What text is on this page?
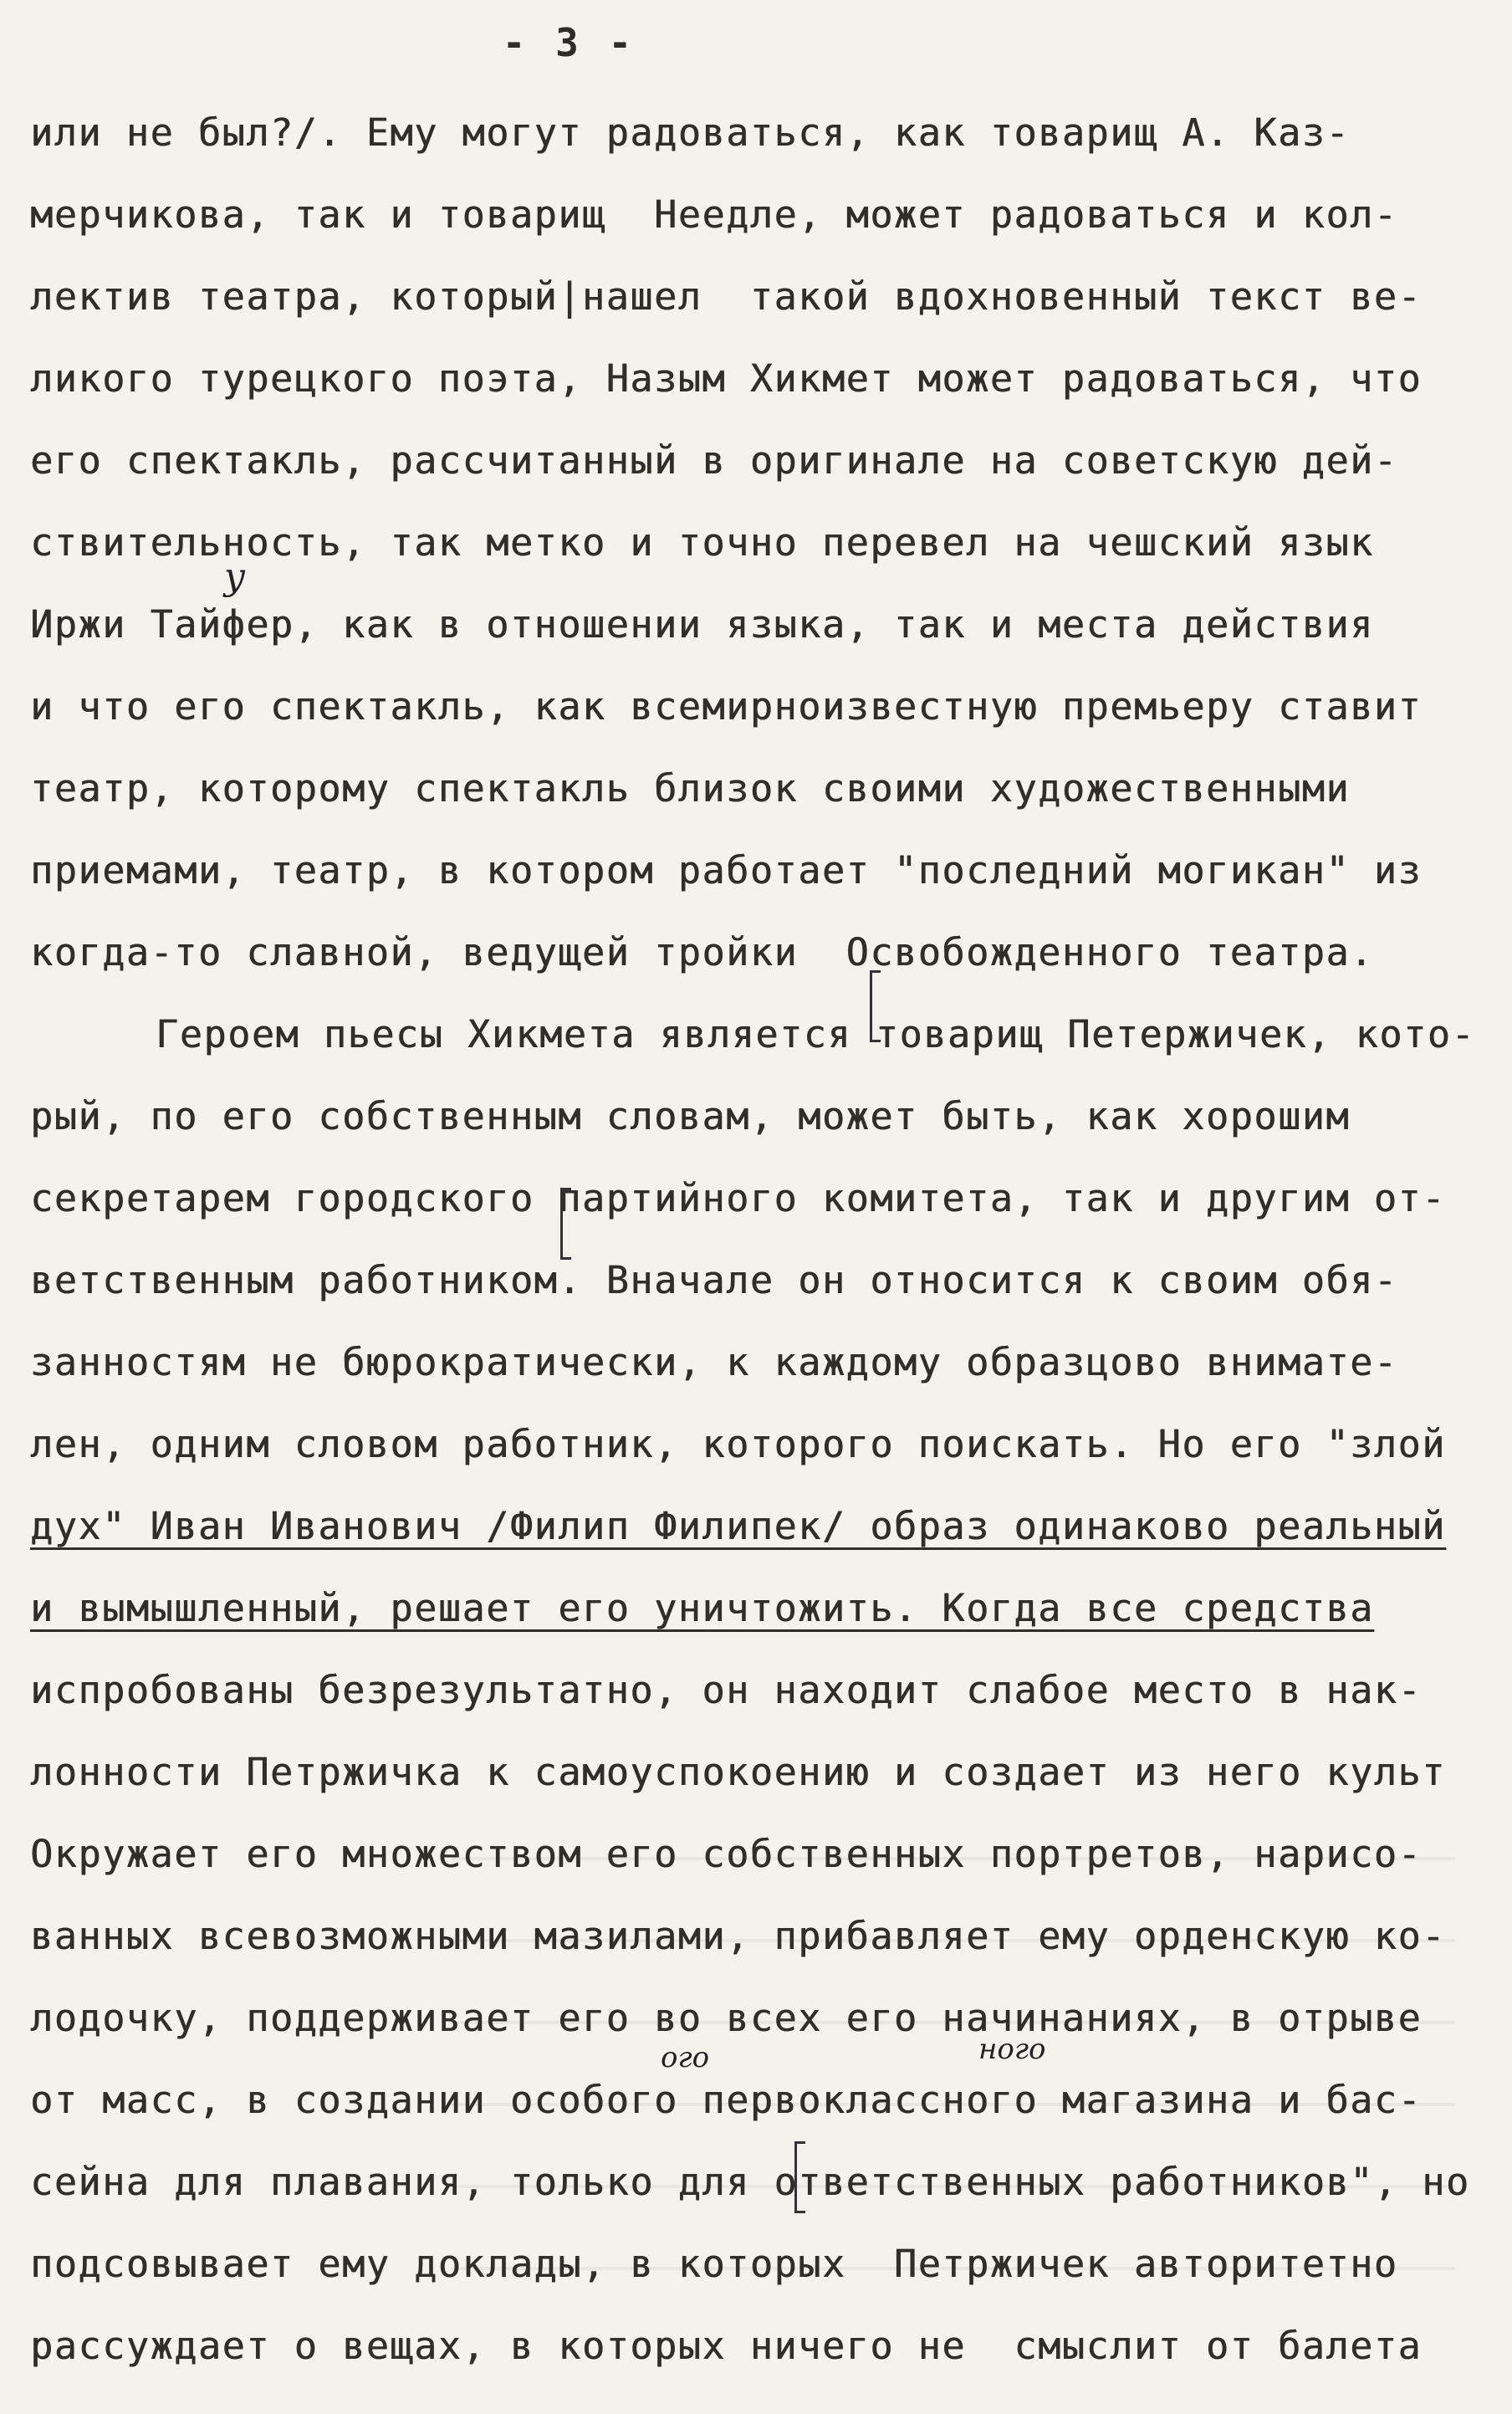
- 3 -
у
ого	ного
или не был?/. Ему могут радоваться, как товарищ А. Каз-
мерчикова, так и товарищ  Неедле, может радоваться и кол-
лектив театра, который|нашел  такой вдохновенный текст ве-
ликого турецкого поэта, Назым Хикмет может радоваться, что
его спектакль, рассчитанный в оригинале на советскую дей-
ствительность, так метко и точно перевел на чешский язык
Иржи Тайфер, как в отношении языка, так и места действия
и что его спектакль, как всемирноизвестную премьеру ставит
театр, которому спектакль близок своими художественными
приемами, театр, в котором работает "последний могикан" из
когда-то славной, ведущей тройки  Освобожденного театра.
Героем пьесы Хикмета является товарищ Петержичек, кото-
рый, по его собственным словам, может быть, как хорошим
секретарем городского партийного комитета, так и другим от-
ветственным работником. Вначале он относится к своим обя-
занностям не бюрократически, к каждому образцово внимате-
лен, одним словом работник, которого поискать. Но его "злой
дух" Иван Иванович /Филип Филипек/ образ одинаково реальный
и вымышленный, решает его уничтожить. Когда все средства
испробованы безрезультатно, он находит слабое место в нак-
лонности Петржичка к самоуспокоению и создает из него культ
Окружает его множеством его собственных портретов, нарисо-
ванных всевозможными мазилами, прибавляет ему орденскую ко-
лодочку, поддерживает его во всех его начинаниях, в отрыве
от масс, в создании особого первоклассного магазина и бас-
сейна для плавания, только для ответственных работников", но
подсовывает ему доклады, в которых  Петржичек авторитетно
рассуждает о вещах, в которых ничего не  смыслит от балета
